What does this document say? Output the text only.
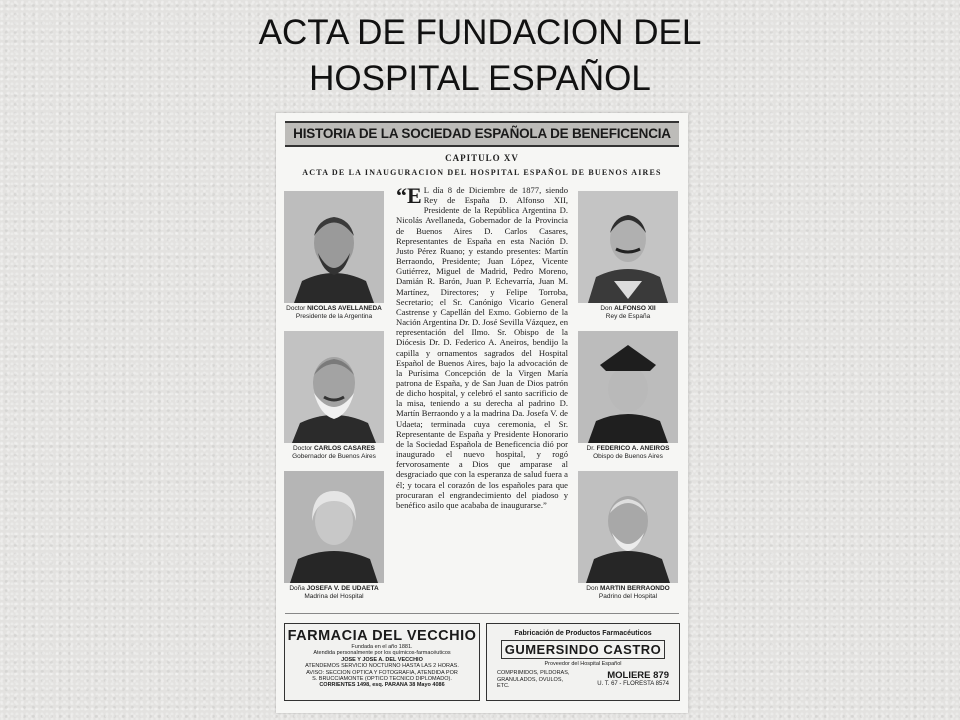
ACTA DE FUNDACION DEL
HOSPITAL ESPAÑOL
HISTORIA DE LA SOCIEDAD ESPAÑOLA DE BENEFICENCIA
CAPITULO XV
ACTA DE LA INAUGURACION DEL HOSPITAL ESPAÑOL DE BUENOS AIRES
Doctor NICOLAS AVELLANEDA
Presidente de la Argentina
Doctor CARLOS CASARES
Gobernador de Buenos Aires
Doña JOSEFA V. DE UDAETA
Madrina del Hospital
Don ALFONSO XII
Rey de España
Dr. FEDERICO A. ANEIROS
Obispo de Buenos Aires
Don MARTIN BERRAONDO
Padrino del Hospital
“E L día 8 de Diciembre de 1877, siendo Rey de España D. Alfonso XII, Presidente de la República Argentina D. Nicolás Avellaneda, Gobernador de la Provincia de Buenos Aires D. Carlos Casares, Representantes de España en esta Nación D. Justo Pérez Ruano; y estando presentes: Martín Berraondo, Presidente; Juan López, Vicente Gutiérrez, Miguel de Madrid, Pedro Moreno, Damián R. Barón, Juan P. Echevarría, Juan M. Martínez, Directores; y Felipe Torroba, Secretario; el Sr. Canónigo Vicario General Castrense y Capellán del Exmo. Gobierno de la Nación Argentina Dr. D. José Sevilla Vázquez, en representación del Ilmo. Sr. Obispo de la Diócesis Dr. D. Federico A. Aneiros, bendijo la capilla y ornamentos sagrados del Hospital Español de Buenos Aires, bajo la advocación de la Purísima Concepción de la Virgen María patrona de España, y de San Juan de Dios patrón de dicho hospital, y celebró el santo sacrificio de la misa, teniendo a su derecha al padrino D. Martín Berraondo y a la madrina Da. Josefa V. de Udaeta; terminada cuya ceremonia, el Sr. Representante de España y Presidente Honorario de la Sociedad Española de Beneficencia dió por inaugurado el nuevo hospital, y rogó fervorosamente a Dios que amparase al desgraciado que con la esperanza de salud fuera a él; y tocara el corazón de los españoles para que procuraran el engrandecimiento del piadoso y benéfico asilo que acababa de inaugurarse.”
FARMACIA DEL VECCHIO
Fundada en el año 1881.
Atendida personalmente por los químicos-farmacéuticos
JOSE Y JOSE A. DEL VECCHIO
ATENDEMOS SERVICIO NOCTURNO HASTA LAS 2 HORAS.
AVISO: SECCION OPTICA Y FOTOGRAFIA, ATENDIDA POR
S. BRUCCIAMONTE (OPTICO TECNICO DIPLOMADO).
CORRIENTES 1498, esq. PARANA 38 Mayo 4086
Fabricación de Productos Farmacéuticos
GUMERSINDO CASTRO
Proveedor del Hospital Español
COMPRIMIDOS, PILDORAS, GRANULADOS, OVULOS, ETC.
MOLIERE 879
U. T. 67 - FLORESTA 8574
